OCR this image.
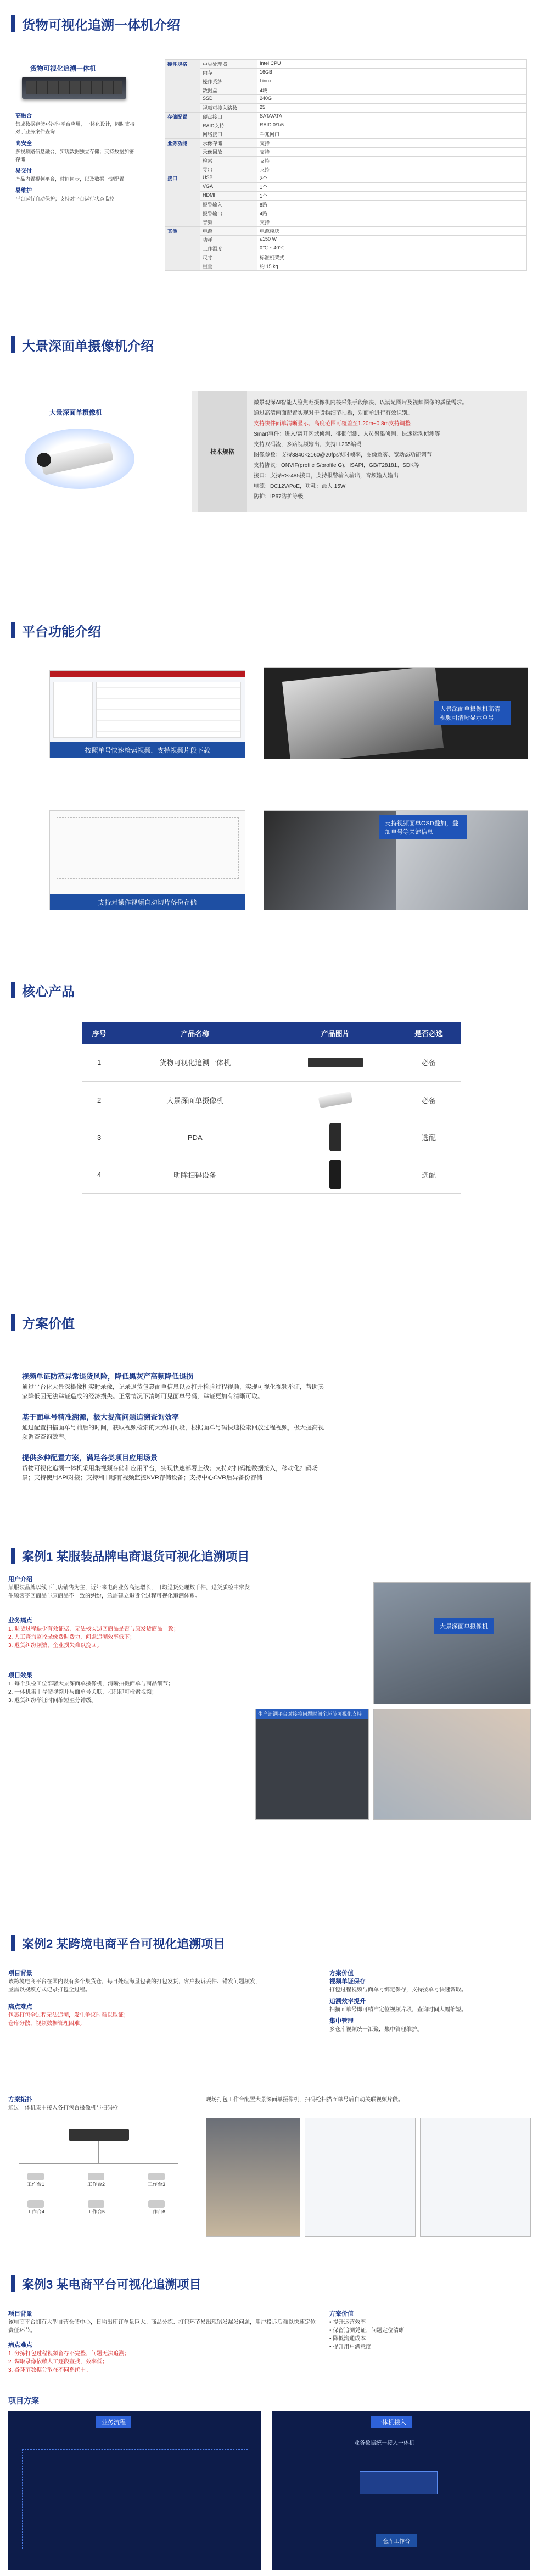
货物可视化追溯一体机介绍
货物可视化追溯一体机
高融合
集成数据存储+分析+平台应用，一体化设计，同时支持对于业务案件查询
高安全
多视频路信息融合，实现数据独立存储；支持数据加密存储
易交付
产品内置视频平台，时间同步，以及数据一键配置
易维护
平台运行自动保护；支持对平台运行状态监控
硬件规格	中央处理器	Intel CPU
	内存	16GB
	操作系统	Linux
	数据盘	4块
	SSD	240G
	视频可接入路数	25
存储配置	硬盘接口	SATA/ATA
	RAID支持	RAID 0/1/5
	网络接口	千兆网口
业务功能	录像存储	支持
	录像回放	支持
	检索	支持
	导出	支持
接口	USB	2个
	VGA	1个
	HDMI	1个
	报警输入	8路
	报警输出	4路
	音频	支持
其他	电源	电源模块
	功耗	≤150 W
	工作温度	0℃ ~ 40℃
	尺寸	标准机架式
	重量	约 15 kg
大景深面单摄像机介绍
大景深面单摄像机
技术规格
微景观深AI智能人脸焦距摄像机内核采集手段解决，以满足图片及视频图像的质量需求。
通过高清画面配置实现对于货物细节拍摄，对面单进行有效识别。
支持快件面单清晰显示，高度范围可覆盖至1.20m~0.8m支持调整
Smart事件：进入/离开区域侦测、徘徊侦测、人员聚集侦测、快速运动侦测等
支持双码流，多路视频输出，支持H.265编码
图像参数：支持3840×2160@20fps实时帧率，图像透雾、宽动态功能调节
支持协议：ONVIF(profile S/profile G)，ISAPI，GB/T28181、SDK等
接口：支持RS-485接口，支持报警输入输出，音频输入输出
电源：DC12V/PoE，功耗：最大 15W
防护：IP67防护等级
平台功能介绍
按照单号快速检索视频，支持视频片段下载
大景深面单摄像机高清视频可清晰显示单号
支持对操作视频自动切片备份存储
支持视频面单OSD叠加，叠加单号等关键信息
核心产品
序号	产品名称	产品图片	是否必选
1	货物可视化追溯一体机		必备
2	大景深面单摄像机		必备
3	PDA		选配
4	明眸扫码设备		选配
方案价值
视频单证防范异常退货风险，降低黑灰产高频降低退损
通过平台化大景深摄像机实时录像，记录退货包裹面单信息以及打开检验过程视频，实现可视化视频举证，帮助卖家降低因无法举证造成的经济损失。正常情况下清晰可见面单号码，举证更加有清晰可取。
基于面单号精准溯源，极大提高问题追溯查询效率
通过配置扫描面单号前后的时间，获取视频检索的大致时间段，根据面单号码快速检索回放过程视频，极大提高视频调查查询效率。
提供多种配置方案，满足各类项目应用场景
货物可视化追溯一体机采用集视频存储和应用平台，实现快速部署上线；支持对扫码枪数据接入，移动化扫码场景；支持使用API对接；支持利旧哪有视频监控NVR存储设备；支持中心CVR后异备份存储
案例1 某服装品牌电商退货可视化追溯项目
用户介绍
某服装品牌以线下门店销售为主，近年来电商业务高速增长，日均退货处理数千件，退货质检中常发生顾客寄回商品与原商品不一致的纠纷，急需建立退货全过程可视化追溯体系。
业务痛点
1. 退货过程缺少有效证据，无法核实退回商品是否与原发货商品一致；
2. 人工查询监控录像费时费力，问题追溯效率低下；
3. 退货纠纷频繁，企业损失难以挽回。
项目效果
1. 每个质检工位部署大景深面单摄像机，清晰拍摄面单与商品细节；
2. 一体机集中存储视频并与面单号关联，扫码即可检索视频；
3. 退货纠纷举证时间缩短至分钟级。
大景深面单摄像机
生产追溯平台对接将问题时间全环节可视化支持
案例2 某跨境电商平台可视化追溯项目
项目背景
该跨境电商平台在国内设有多个集货仓，每日处理海量包裹的打包发货，客户投诉丢件、错发问题频发，亟需以视频方式记录打包全过程。
痛点难点
包裹打包全过程无法追溯，发生争议时难以取证；
仓库分散，视频数据管理困难。
方案价值
视频单证保存
打包过程视频与面单号绑定保存，支持按单号快速调取。
追溯效率提升
扫描面单号即可精准定位视频片段，查询时间大幅缩短。
集中管理
多仓库视频统一汇聚，集中管理维护。
方案拓扑
通过一体机集中接入各打包台摄像机与扫码枪
工作台1	工作台2	工作台3
工作台4	工作台5	工作台6
现场打包工作台配置大景深面单摄像机，扫码枪扫描面单号后自动关联视频片段。
案例3 某电商平台可视化追溯项目
项目背景
该电商平台拥有大型自营仓储中心，日均出库订单量巨大。商品分拣、打包环节易出现错发漏发问题，用户投诉后难以快速定位责任环节。
痛点难点
1. 分拣打包过程视频留存不完整，问题无法追溯；
2. 调取录像依赖人工逐段查找，效率低；
3. 各环节数据分散在不同系统中。
方案价值
• 提升运营效率
• 保留追溯凭证，问题定位清晰
• 降低沟通成本
• 提升用户满意度
项目方案
业务流程	一体机接入
业务数据统一接入一体机
仓库工作台
